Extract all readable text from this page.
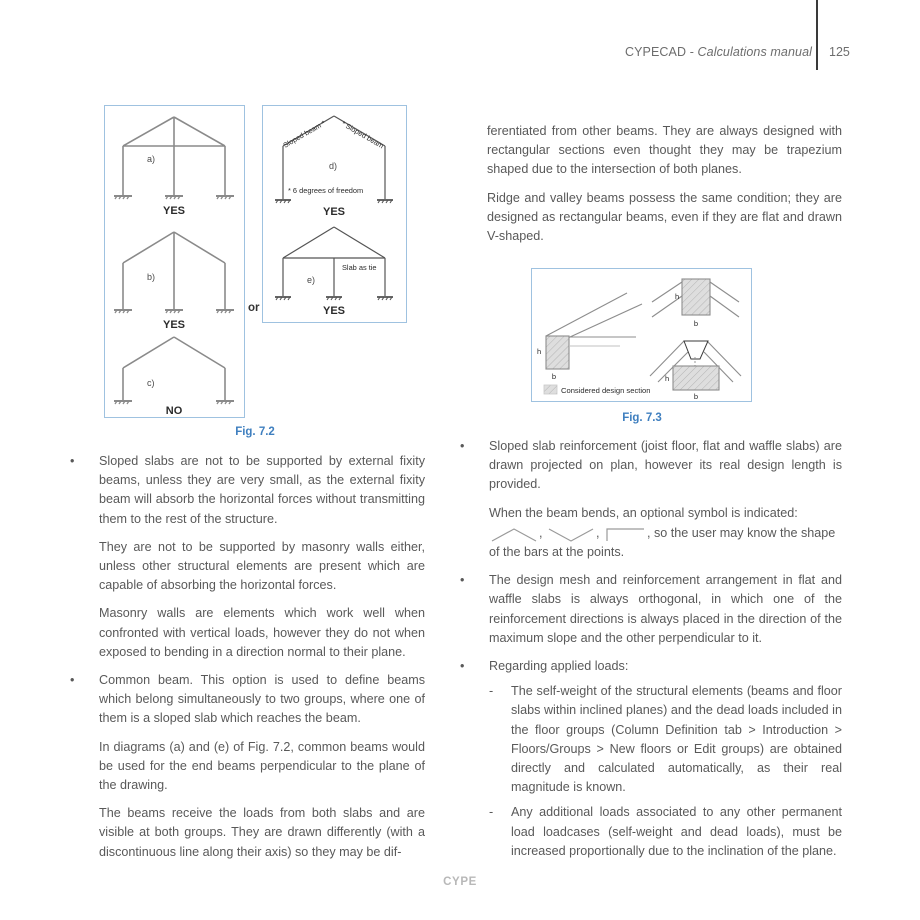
CYPECAD - Calculations manual 125
a)
YES
b)
YES
c)
NO
Sloped beam * * Sloped beam
d)
* 6 degrees of freedom
YES
Slab as tie
e)
YES
or
Fig. 7.2
h
b
Considered design section
h
b
h
b
Fig. 7.3
•	Sloped slabs are not to be supported by external fixity beams, unless they are very small, as the external fixity beam will absorb the horizontal forces without transmitting them to the rest of the structure.

They are not to be supported by masonry walls either, unless other structural elements are present which are capable of absorbing the horizontal forces.

Masonry walls are elements which work well when confronted with vertical loads, however they do not when exposed to bending in a direction normal to their plane.

•	Common beam. This option is used to define beams which belong simultaneously to two groups, where one of them is a sloped slab which reaches the beam.

In diagrams (a) and (e) of Fig. 7.2, common beams would be used for the end beams perpendicular to the plane of the drawing.

The beams receive the loads from both slabs and are visible at both groups. They are drawn differently (with a discontinuous line along their axis) so they may be dif-

ferentiated from other beams. They are always designed with rectangular sections even thought they may be trapezium shaped due to the intersection of both planes.

Ridge and valley beams possess the same condition; they are designed as rectangular beams, even if they are flat and drawn V-shaped.

•	Sloped slab reinforcement (joist floor, flat and waffle slabs) are drawn projected on plan, however its real design length is provided.

When the beam bends, an optional symbol is indicated:

,	,	, so the user may know the shape

of the bars at the points.

•	The design mesh and reinforcement arrangement in flat and waffle slabs is always orthogonal, in which one of the reinforcement directions is always placed in the direction of the maximum slope and the other perpendicular to it.

•	Regarding applied loads:

-	The self-weight of the structural elements (beams and floor slabs within inclined planes) and the dead loads included in the floor groups (Column Definition tab > Introduction > Floors/Groups > New floors or Edit groups) are obtained directly and calculated automatically, as their real magnitude is known.

-	Any additional loads associated to any other permanent load loadcases (self-weight and dead loads), must be increased proportionally due to the inclination of the plane.

CYPE
